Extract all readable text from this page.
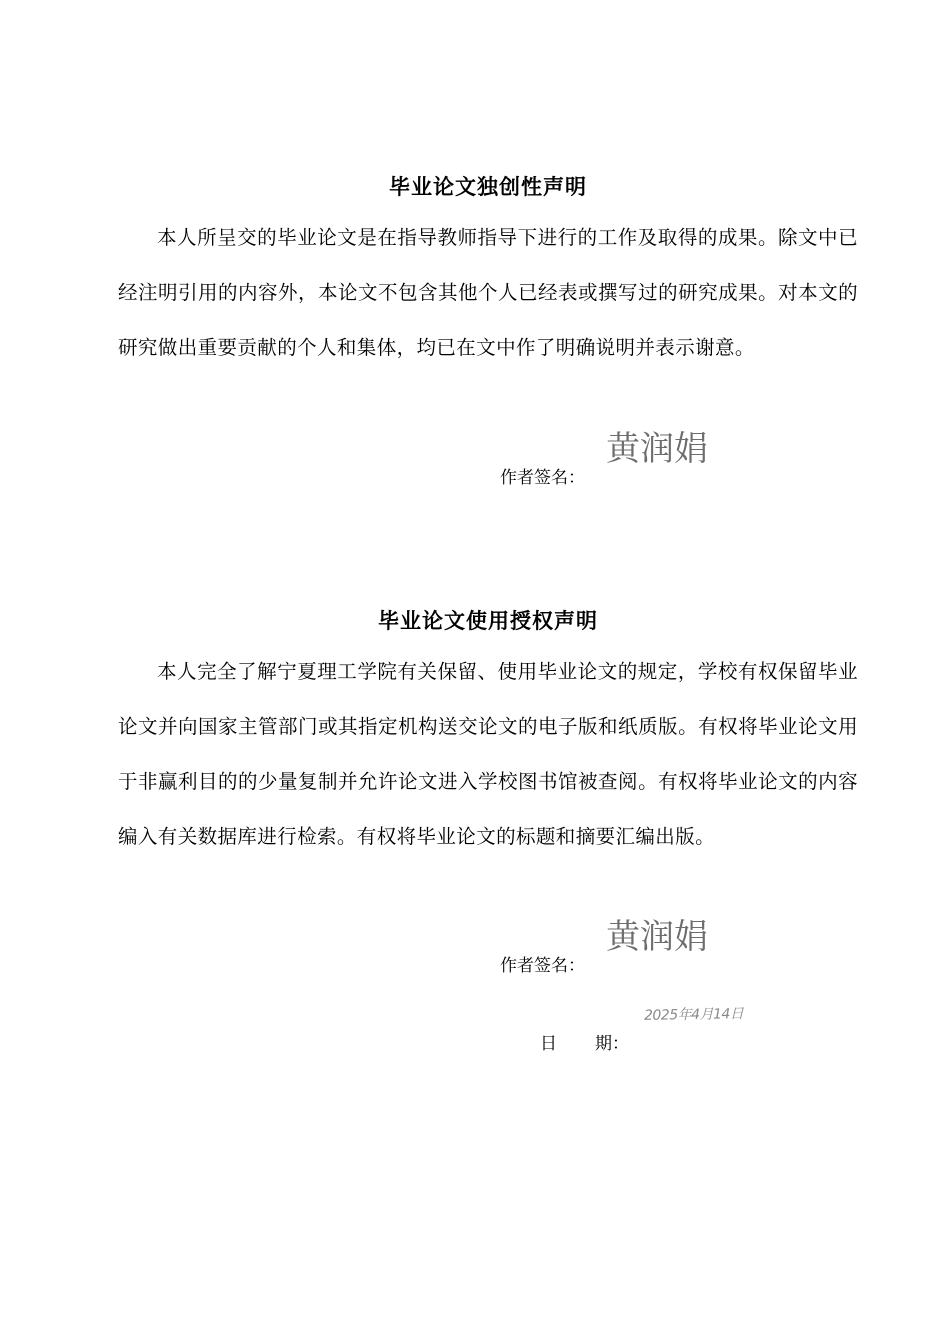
毕业论文独创性声明

本人所呈交的毕业论文是在指导教师指导下进行的工作及取得的成果。除文中已经注明引用的内容外，本论文不包含其他个人已经表或撰写过的研究成果。对本文的研究做出重要贡献的个人和集体，均已在文中作了明确说明并表示谢意。

作者签名：
黄润娟
毕业论文使用授权声明

本人完全了解宁夏理工学院有关保留、使用毕业论文的规定，学校有权保留毕业论文并向国家主管部门或其指定机构送交论文的电子版和纸质版。有权将毕业论文用于非赢利目的的少量复制并允许论文进入学校图书馆被查阅。有权将毕业论文的内容编入有关数据库进行检索。有权将毕业论文的标题和摘要汇编出版。

作者签名：
黄润娟
2025年4月14日
日 期：
